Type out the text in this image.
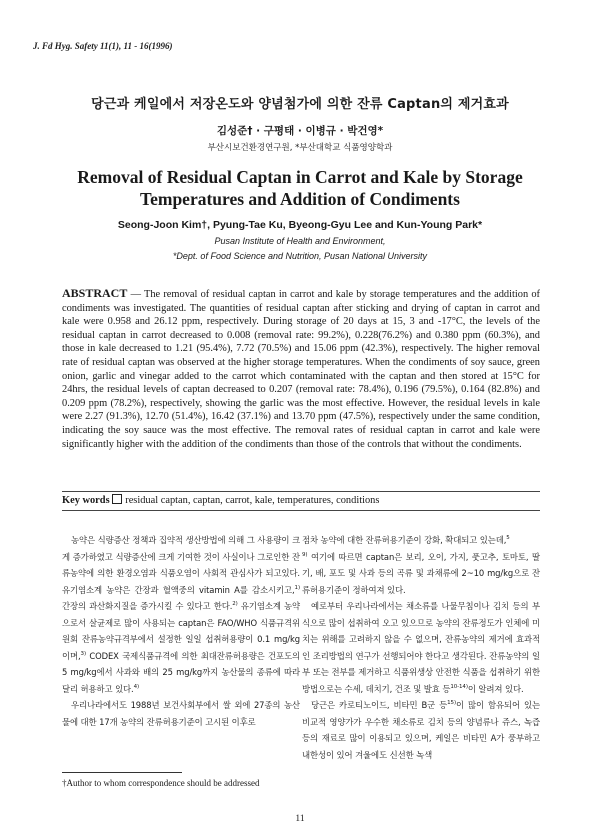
J. Fd Hyg. Safety 11(1), 11 - 16(1996)
당근과 케일에서 저장온도와 양념첨가에 의한 잔류 Captan의 제거효과
김성준† · 구평태 · 이병규 · 박건영*
부산시보건환경연구원, *부산대학교 식품영양학과
Removal of Residual Captan in Carrot and Kale by Storage
Temperatures and Addition of Condiments
Seong-Joon Kim†, Pyung-Tae Ku, Byeong-Gyu Lee and Kun-Young Park*
Pusan Institute of Health and Environment,
*Dept. of Food Science and Nutrition, Pusan National University
ABSTRACT — The removal of residual captan in carrot and kale by storage temperatures and the addition of condiments was investigated. The quantities of residual captan after sticking and drying of captan in carrot and kale were 0.958 and 26.12 ppm, respectively. During storage of 20 days at 15, 3 and -17°C, the levels of the residual captan in carrot decreased to 0.008 (removal rate: 99.2%), 0.228(76.2%) and 0.380 ppm (60.3%), and those in kale decreased to 1.21 (95.4%), 7.72 (70.5%) and 15.06 ppm (42.3%), respectively. The higher removal rate of residual captan was observed at the higher storage temperatures. When the condiments of soy sauce, green onion, garlic and vinegar added to the carrot which contaminated with the captan and then stored at 15°C for 24hrs, the residual levels of captan decreased to 0.207 (removal rate: 78.4%), 0.196 (79.5%), 0.164 (82.8%) and 0.209 ppm (78.2%), respectively, showing the garlic was the most effective. However, the residual levels in kale were 2.27 (91.3%), 12.70 (51.4%), 16.42 (37.1%) and 13.70 ppm (47.5%), respectively under the same condition, indicating the soy sauce was the most effective. The removal rates of residual captan in carrot and kale were significantly higher with the addition of the condiments than those of the controls that without the condiments.
Key words residual captan, captan, carrot, kale, temperatures, conditions

농약은 식량증산 정책과 집약적 생산방법에 의해 그 사용량이 크게 증가하였고 식량증산에 크게 기여한 것이 사실이나 그로인한 잔류농약에 의한 환경오염과 식품오염이 사회적 관심사가 되고있다. 유기염소계 농약은 간장과 혈액중의 vitamin A를 감소시키고,$^{1)}$ 간장의 과산화지질을 증가시킬 수 있다고 한다.$^{2)}$ 유기염소계 농약으로서 살균제로 많이 사용되는 captan은 FAO/WHO 식품규격위원회 잔류농약규격부에서 설정한 일일 섭취허용량이 0.1 mg/kg이며,$^{3)}$ CODEX 국제식품규격에 의한 최대잔류허용량은 건포도의 5 mg/kg에서 사과와 배의 25 mg/kg까지 농산물의 종류에 따라 달리 허용하고 있다.$^{4)}$

우리나라에서도 1988년 보건사회부에서 쌀 외에 27종의 농산물에 대한 17개 농약의 잔류허용기준이 고시된 이후로

점차 농약에 대한 잔류허용기준이 강화, 확대되고 있는데,$^5$
$^{9)}$ 여기에 따르면 captan은 보리, 오이, 가지, 풋고추, 토마토, 딸기, 배, 포도 및 사과 등의 곡류 및 과채류에 2~10 mg/kg으로 잔류허용기준이 정하여져 있다.

예로부터 우리나라에서는 채소류를 나물무침이나 김치 등의 부식으로 많이 섭취하여 오고 있으므로 농약의 잔류정도가 인체에 미치는 위해를 고려하지 않을 수 없으며, 잔류농약의 제거에 효과적인 조리방법의 연구가 선행되어야 한다고 생각된다. 잔류농약의 일부 또는 전부를 제거하고 식품위생상 안전한 식품을 섭취하기 위한 방법으로는 수세, 데치기, 건조 및 발효 등$^{10-14)}$이 알려져 있다.

당근은 카로티노이드, 비타민 B군 등$^{15)}$이 많이 함유되어 있는 비교적 영양가가 우수한 채소류로 김치 등의 양념류나 쥬스, 녹즙 등의 재료로 많이 이용되고 있으며, 케일은 비타민 A가 풍부하고 내한성이 있어 겨울에도 신선한 녹색

†Author to whom correspondence should be addressed
11
